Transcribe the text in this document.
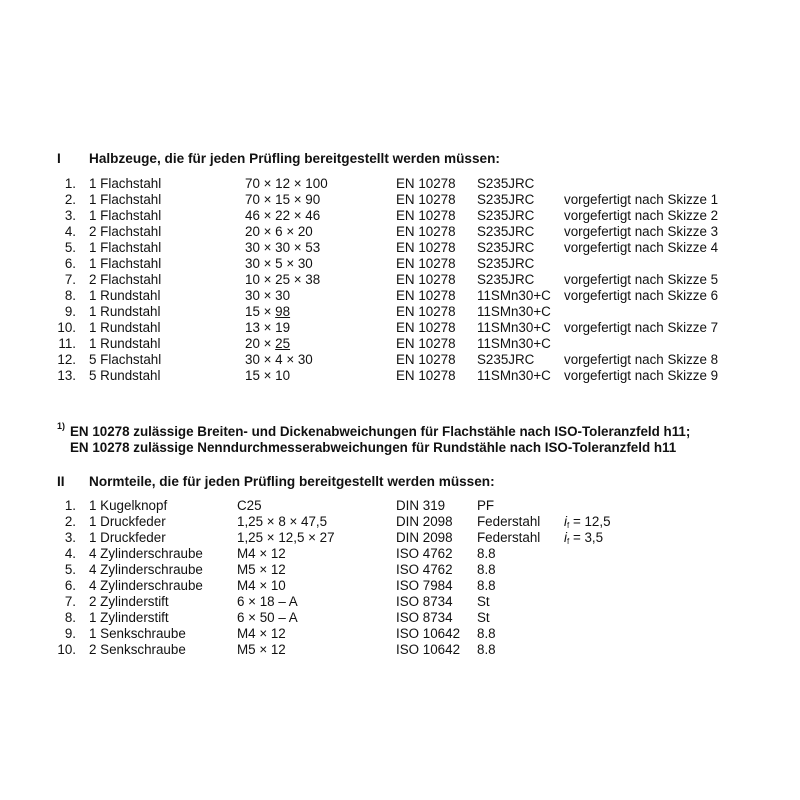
I Halbzeuge, die für jeden Prüfling bereitgestellt werden müssen:
1. 1 Flachstahl	70 × 12 × 100	EN 10278 S235JRC
2. 1 Flachstahl	70 × 15 × 90	EN 10278 S235JRC vorgefertigt nach Skizze 1
3. 1 Flachstahl	46 × 22 × 46	EN 10278 S235JRC vorgefertigt nach Skizze 2
4. 2 Flachstahl	20 × 6 × 20	EN 10278 S235JRC vorgefertigt nach Skizze 3
5. 1 Flachstahl	30 × 30 × 53	EN 10278 S235JRC vorgefertigt nach Skizze 4
6. 1 Flachstahl	30 × 5 × 30	EN 10278 S235JRC
7. 2 Flachstahl	10 × 25 × 38	EN 10278 S235JRC vorgefertigt nach Skizze 5
8. 1 Rundstahl	30 × 30	EN 10278 11SMn30+C vorgefertigt nach Skizze 6
9. 1 Rundstahl	15 × 98	EN 10278 11SMn30+C
10. 1 Rundstahl	13 × 19	EN 10278 11SMn30+C vorgefertigt nach Skizze 7
11. 1 Rundstahl	20 × 25	EN 10278 11SMn30+C
12. 5 Flachstahl	30 × 4 × 30	EN 10278 S235JRC vorgefertigt nach Skizze 8
13. 5 Rundstahl	15 × 10	EN 10278 11SMn30+C vorgefertigt nach Skizze 9
1) EN 10278 zulässige Breiten- und Dickenabweichungen für Flachstähle nach ISO-Toleranzfeld h11;
EN 10278 zulässige Nenndurchmesserabweichungen für Rundstähle nach ISO-Toleranzfeld h11
II Normteile, die für jeden Prüfling bereitgestellt werden müssen:
1. 1 Kugelknopf	C25	DIN 319 PF
2. 1 Druckfeder	1,25 × 8 × 47,5	DIN 2098 Federstahl $i_f = 12,5$
3. 1 Druckfeder	1,25 × 12,5 × 27	DIN 2098 Federstahl $i_f = 3,5$
4. 4 Zylinderschraube	M4 × 12	ISO 4762 8.8
5. 4 Zylinderschraube	M5 × 12	ISO 4762 8.8
6. 4 Zylinderschraube	M4 × 10	ISO 7984 8.8
7. 2 Zylinderstift	6 × 18 – A	ISO 8734 St
8. 1 Zylinderstift	6 × 50 – A	ISO 8734 St
9. 1 Senkschraube	M4 × 12	ISO 10642 8.8
10. 2 Senkschraube	M5 × 12	ISO 10642 8.8
